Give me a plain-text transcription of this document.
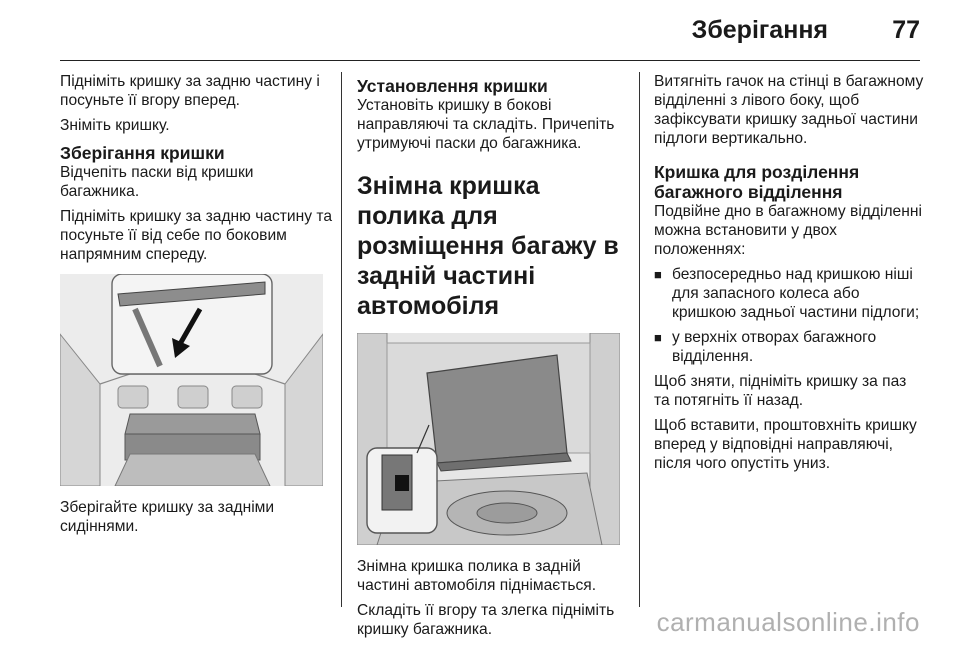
Зберігання	77

Підніміть кришку за задню частину і посуньте її вгору вперед.

Зніміть кришку.

Зберігання кришки

Відчепіть паски від кришки багажника.

Підніміть кришку за задню частину та посуньте її від себе по боковим напрямним спереду.

Зберігайте кришку за задніми сидіннями.

Установлення кришки

Установіть кришку в бокові направляючі та складіть. Причепіть утримуючі паски до багажника.

Знімна кришка полика для розміщення багажу в задній частині автомобіля

Знімна кришка полика в задній частині автомобіля піднімається.

Складіть її вгору та злегка підніміть кришку багажника.

Витягніть гачок на стінці в багажному відділенні з лівого боку, щоб зафіксувати кришку задньої частини підлоги вертикально.

Кришка для розділення багажного відділення

Подвійне дно в багажному відділенні можна встановити у двох положеннях:

■ безпосередньо над кришкою ніші для запасного колеса або кришкою задньої частини підлоги;
■ у верхніх отворах багажного відділення.

Щоб зняти, підніміть кришку за паз та потягніть її назад.

Щоб вставити, проштовхніть кришку вперед у відповідні направляючі, після чого опустіть униз.

carmanualsonline.info
